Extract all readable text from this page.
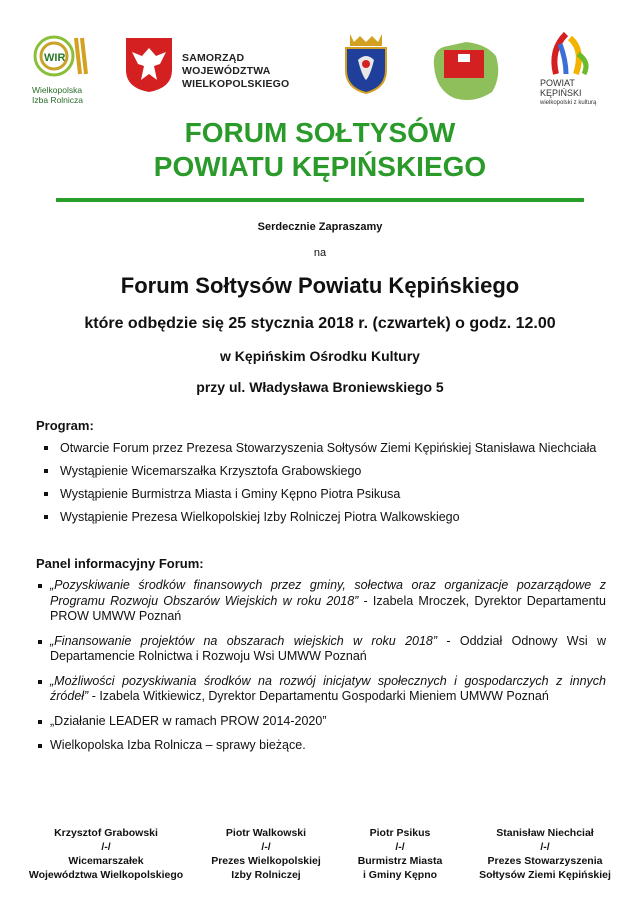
WIR
Wielkopolska
Izba Rolnicza
SAMORZĄD WOJEWÓDZTWA
WIELKOPOLSKIEGO	POWIAT
KĘPIŃSKI
wielkopolski z kulturą
FORUM SOŁTYSÓW
POWIATU KĘPIŃSKIEGO
Serdecznie Zapraszamy
na
Forum Sołtysów Powiatu Kępińskiego
które odbędzie się 25 stycznia 2018 r. (czwartek) o godz. 12.00
w Kępińskim Ośrodku Kultury
przy ul. Władysława Broniewskiego 5
Program:
Otwarcie Forum przez Prezesa Stowarzyszenia Sołtysów Ziemi Kępińskiej Stanisława Niechciała
Wystąpienie Wicemarszałka Krzysztofa Grabowskiego
Wystąpienie Burmistrza Miasta i Gminy Kępno Piotra Psikusa
Wystąpienie Prezesa Wielkopolskiej Izby Rolniczej Piotra Walkowskiego
Panel informacyjny Forum:
„Pozyskiwanie środków finansowych przez gminy, sołectwa oraz organizacje pozarządowe z Programu Rozwoju Obszarów Wiejskich w roku 2018” - Izabela Mroczek, Dyrektor Departamentu PROW UMWW Poznań
„Finansowanie projektów na obszarach wiejskich w roku 2018” - Oddział Odnowy Wsi w Departamencie Rolnictwa i Rozwoju Wsi UMWW Poznań
„Możliwości pozyskiwania środków na rozwój inicjatyw społecznych i gospodarczych z innych źródeł” - Izabela Witkiewicz, Dyrektor Departamentu Gospodarki Mieniem UMWW Poznań
„Działanie LEADER w ramach PROW 2014-2020”
Wielkopolska Izba Rolnicza – sprawy bieżące.
Krzysztof Grabowski
/-/
Wicemarszałek
Województwa Wielkopolskiego
Piotr Walkowski
/-/
Prezes Wielkopolskiej
Izby Rolniczej
Piotr Psikus
/-/
Burmistrz Miasta
i Gminy Kępno
Stanisław Niechciał
/-/
Prezes Stowarzyszenia
Sołtysów Ziemi Kępińskiej
